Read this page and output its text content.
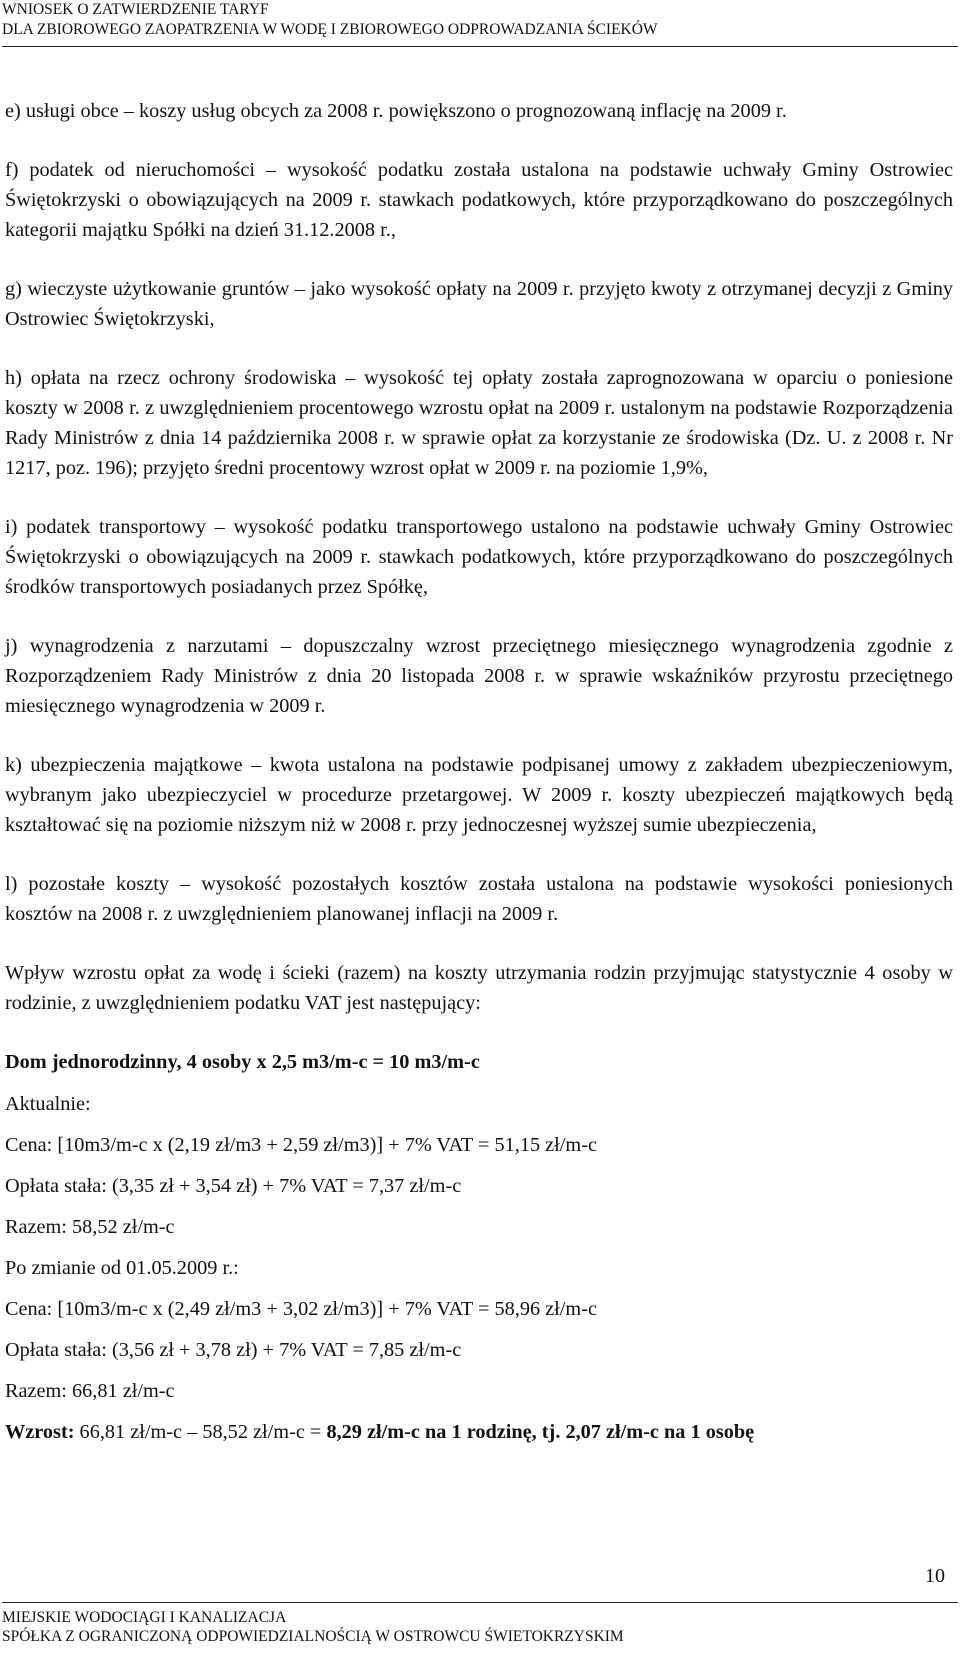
WNIOSEK O ZATWIERDZENIE TARYF
DLA ZBIOROWEGO ZAOPATRZENIA W WODĘ I ZBIOROWEGO ODPROWADZANIA ŚCIEKÓW

e) usługi obce – koszy usług obcych za 2008 r. powiększono o prognozowaną inflację na 2009 r.

f) podatek od nieruchomości – wysokość podatku została ustalona na podstawie uchwały Gminy Ostrowiec Świętokrzyski o obowiązujących na 2009 r. stawkach podatkowych, które przyporządkowano do poszczególnych kategorii majątku Spółki na dzień 31.12.2008 r.,

g) wieczyste użytkowanie gruntów – jako wysokość opłaty na 2009 r. przyjęto kwoty z otrzymanej decyzji z Gminy Ostrowiec Świętokrzyski,

h) opłata na rzecz ochrony środowiska – wysokość tej opłaty została zaprognozowana w oparciu o poniesione koszty w 2008 r. z uwzględnieniem procentowego wzrostu opłat na 2009 r. ustalonym na podstawie Rozporządzenia Rady Ministrów z dnia 14 października 2008 r. w sprawie opłat za korzystanie ze środowiska (Dz. U. z 2008 r. Nr 1217, poz. 196); przyjęto średni procentowy wzrost opłat w 2009 r. na poziomie 1,9%,

i) podatek transportowy – wysokość podatku transportowego ustalono na podstawie uchwały Gminy Ostrowiec Świętokrzyski o obowiązujących na 2009 r. stawkach podatkowych, które przyporządkowano do poszczególnych środków transportowych posiadanych przez Spółkę,

j) wynagrodzenia z narzutami – dopuszczalny wzrost przeciętnego miesięcznego wynagrodzenia zgodnie z Rozporządzeniem Rady Ministrów z dnia 20 listopada 2008 r. w sprawie wskaźników przyrostu przeciętnego miesięcznego wynagrodzenia w 2009 r.

k) ubezpieczenia majątkowe – kwota ustalona na podstawie podpisanej umowy z zakładem ubezpieczeniowym, wybranym jako ubezpieczyciel w procedurze przetargowej. W 2009 r. koszty ubezpieczeń majątkowych będą kształtować się na poziomie niższym niż w 2008 r. przy jednoczesnej wyższej sumie ubezpieczenia,

l) pozostałe koszty – wysokość pozostałych kosztów została ustalona na podstawie wysokości poniesionych kosztów na 2008 r. z uwzględnieniem planowanej inflacji na 2009 r.

Wpływ wzrostu opłat za wodę i ścieki (razem) na koszty utrzymania rodzin przyjmując statystycznie 4 osoby w rodzinie, z uwzględnieniem podatku VAT jest następujący:

Dom jednorodzinny, 4 osoby x 2,5 m3/m-c = 10 m3/m-c

Aktualnie:

Cena: [10m3/m-c x (2,19 zł/m3 + 2,59 zł/m3)] + 7% VAT = 51,15 zł/m-c

Opłata stała: (3,35 zł + 3,54 zł) + 7% VAT = 7,37 zł/m-c

Razem: 58,52 zł/m-c

Po zmianie od 01.05.2009 r.:

Cena: [10m3/m-c x (2,49 zł/m3 + 3,02 zł/m3)] + 7% VAT = 58,96 zł/m-c

Opłata stała: (3,56 zł + 3,78 zł) + 7% VAT = 7,85 zł/m-c

Razem: 66,81 zł/m-c

Wzrost: 66,81 zł/m-c – 58,52 zł/m-c = 8,29 zł/m-c na 1 rodzinę, tj. 2,07 zł/m-c na 1 osobę

10
MIEJSKIE WODOCIĄGI I KANALIZACJA
SPÓŁKA Z OGRANICZONĄ ODPOWIEDZIALNOŚCIĄ W OSTROWCU ŚWIETOKRZYSKIM
